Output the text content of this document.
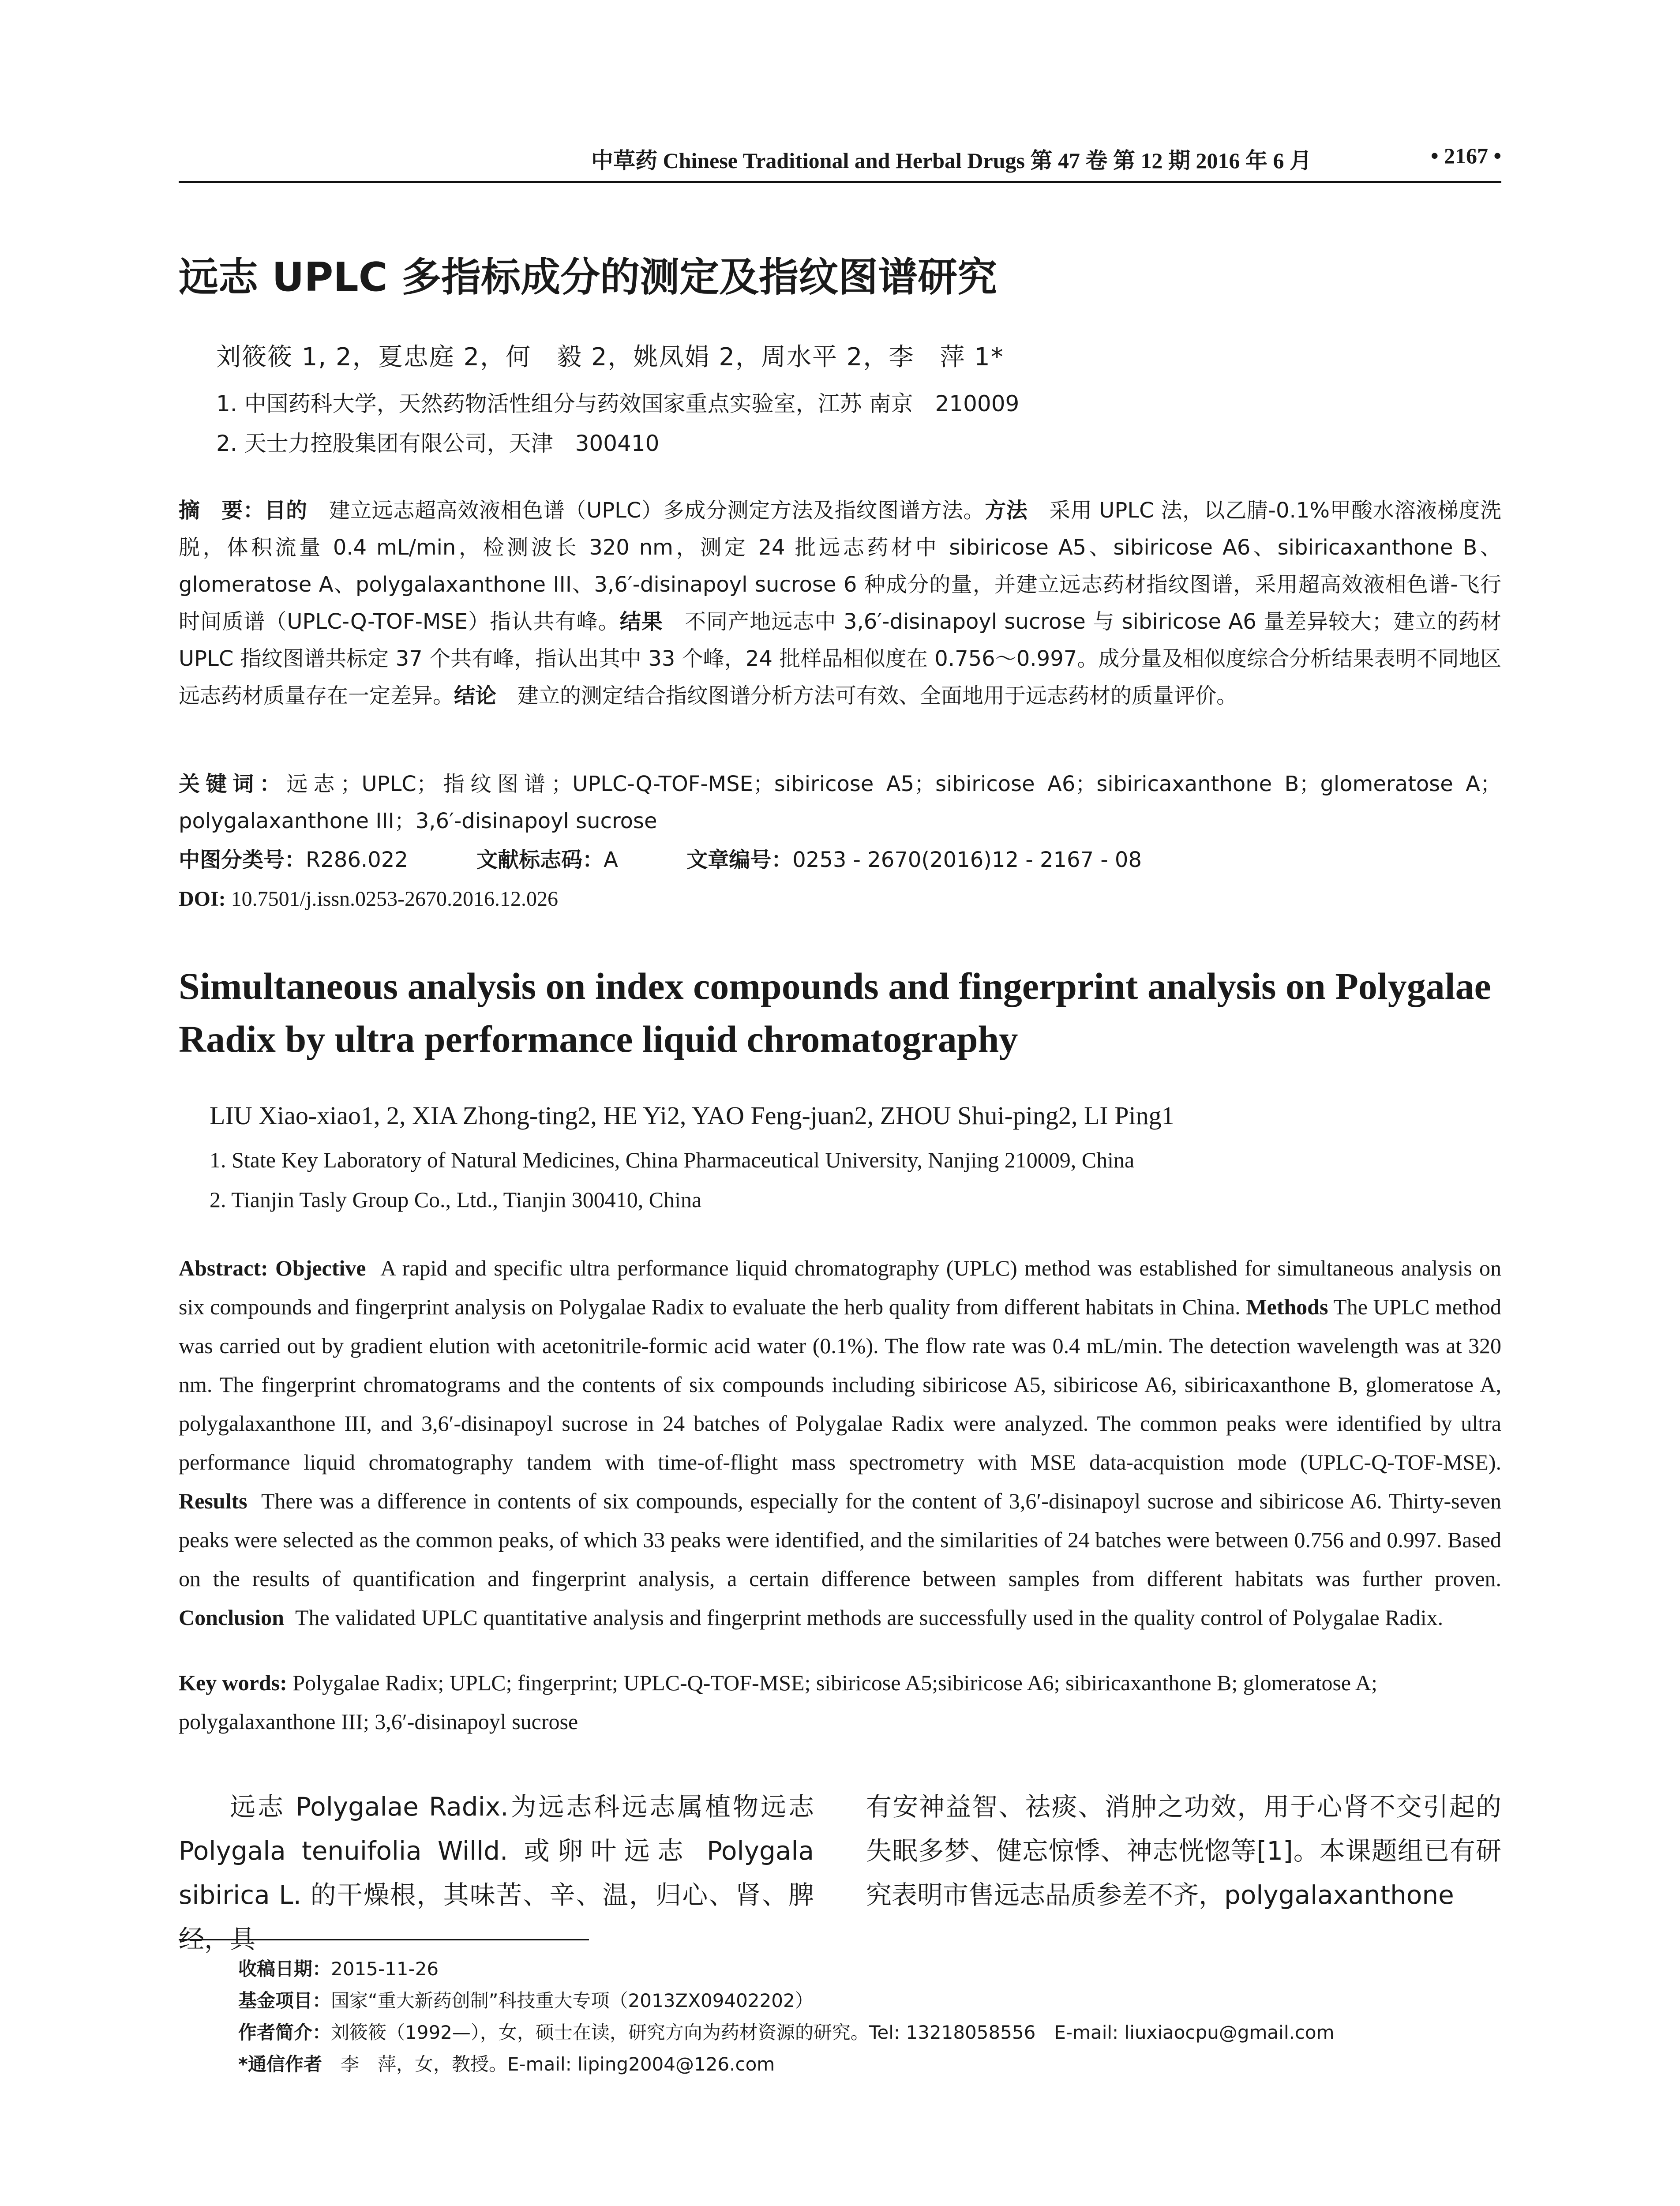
中草药 Chinese Traditional and Herbal Drugs 第 47 卷 第 12 期 2016 年 6 月	• 2167 •
远志 UPLC 多指标成分的测定及指纹图谱研究
刘筱筱 1, 2，夏忠庭 2，何　毅 2，姚凤娟 2，周水平 2，李　萍 1*
1. 中国药科大学，天然药物活性组分与药效国家重点实验室，江苏 南京　210009
2. 天士力控股集团有限公司，天津　300410
摘　要：目的　建立远志超高效液相色谱（UPLC）多成分测定方法及指纹图谱方法。方法　采用 UPLC 法，以乙腈-0.1%甲酸水溶液梯度洗脱，体积流量 0.4 mL/min，检测波长 320 nm，测定 24 批远志药材中 sibiricose A5、sibiricose A6、sibiricaxanthone B、glomeratose A、polygalaxanthone III、3,6′-disinapoyl sucrose 6 种成分的量，并建立远志药材指纹图谱，采用超高效液相色谱-飞行时间质谱（UPLC-Q-TOF-MSE）指认共有峰。结果　不同产地远志中 3,6′-disinapoyl sucrose 与 sibiricose A6 量差异较大；建立的药材 UPLC 指纹图谱共标定 37 个共有峰，指认出其中 33 个峰，24 批样品相似度在 0.756～0.997。成分量及相似度综合分析结果表明不同地区远志药材质量存在一定差异。结论　建立的测定结合指纹图谱分析方法可有效、全面地用于远志药材的质量评价。
关键词：远志；UPLC；指纹图谱；UPLC-Q-TOF-MSE；sibiricose A5；sibiricose A6；sibiricaxanthone B；glomeratose A；polygalaxanthone III；3,6′-disinapoyl sucrose
中图分类号：R286.022	文献标志码：A	文章编号：0253 - 2670(2016)12 - 2167 - 08
DOI: 10.7501/j.issn.0253-2670.2016.12.026
Simultaneous analysis on index compounds and fingerprint analysis on Polygalae Radix by ultra performance liquid chromatography
LIU Xiao-xiao1, 2, XIA Zhong-ting2, HE Yi2, YAO Feng-juan2, ZHOU Shui-ping2, LI Ping1
1. State Key Laboratory of Natural Medicines, China Pharmaceutical University, Nanjing 210009, China
2. Tianjin Tasly Group Co., Ltd., Tianjin 300410, China
Abstract: Objective A rapid and specific ultra performance liquid chromatography (UPLC) method was established for simultaneous analysis on six compounds and fingerprint analysis on Polygalae Radix to evaluate the herb quality from different habitats in China. Methods The UPLC method was carried out by gradient elution with acetonitrile-formic acid water (0.1%). The flow rate was 0.4 mL/min. The detection wavelength was at 320 nm. The fingerprint chromatograms and the contents of six compounds including sibiricose A5, sibiricose A6, sibiricaxanthone B, glomeratose A, polygalaxanthone III, and 3,6′-disinapoyl sucrose in 24 batches of Polygalae Radix were analyzed. The common peaks were identified by ultra performance liquid chromatography tandem with time-of-flight mass spectrometry with MSE data-acquistion mode (UPLC-Q-TOF-MSE). Results There was a difference in contents of six compounds, especially for the content of 3,6′-disinapoyl sucrose and sibiricose A6. Thirty-seven peaks were selected as the common peaks, of which 33 peaks were identified, and the similarities of 24 batches were between 0.756 and 0.997. Based on the results of quantification and fingerprint analysis, a certain difference between samples from different habitats was further proven. Conclusion The validated UPLC quantitative analysis and fingerprint methods are successfully used in the quality control of Polygalae Radix.
Key words: Polygalae Radix; UPLC; fingerprint; UPLC-Q-TOF-MSE; sibiricose A5;sibiricose A6; sibiricaxanthone B; glomeratose A; polygalaxanthone III; 3,6′-disinapoyl sucrose
远志 Polygalae Radix.为远志科远志属植物远志 Polygala tenuifolia Willd. 或卵叶远志 Polygala sibirica L. 的干燥根，其味苦、辛、温，归心、肾、脾经，具
有安神益智、祛痰、消肿之功效，用于心肾不交引起的失眠多梦、健忘惊悸、神志恍惚等[1]。本课题组已有研究表明市售远志品质参差不齐，polygalaxanthone
收稿日期：2015-11-26
基金项目：国家“重大新药创制”科技重大专项（2013ZX09402202）
作者简介：刘筱筱（1992—），女，硕士在读，研究方向为药材资源的研究。Tel: 13218058556　E-mail: liuxiaocpu@gmail.com
*通信作者　李　萍，女，教授。E-mail: liping2004@126.com
